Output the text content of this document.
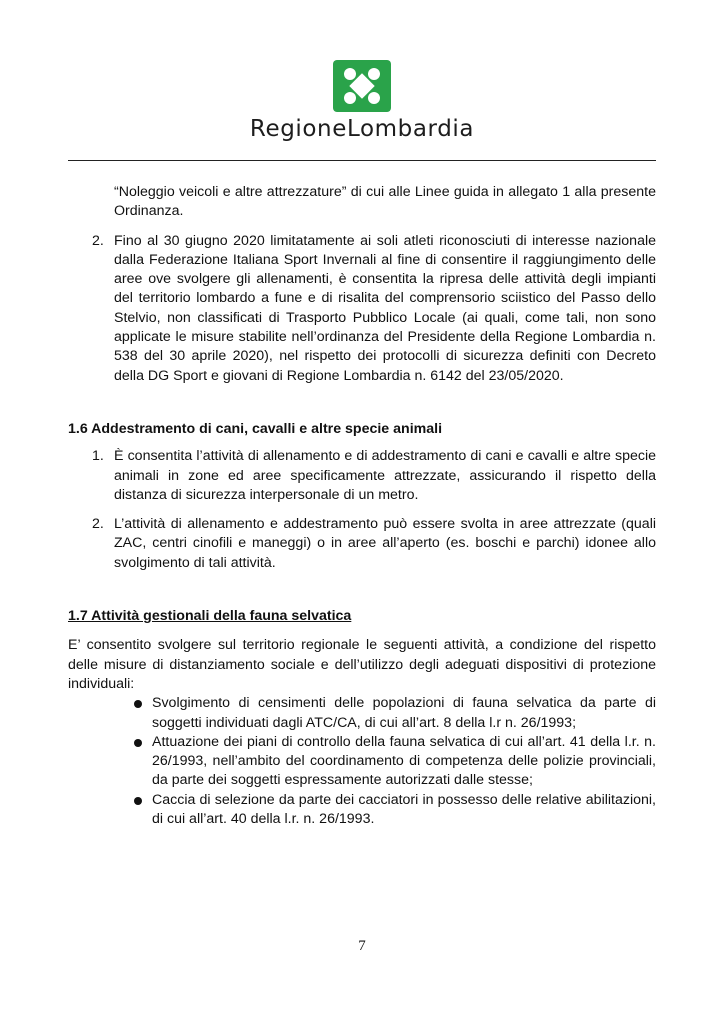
RegioneLombardia

“Noleggio veicoli e altre attrezzature” di cui alle Linee guida in allegato 1 alla presente Ordinanza.

2. Fino al 30 giugno 2020 limitatamente ai soli atleti riconosciuti di interesse nazionale dalla Federazione Italiana Sport Invernali al fine di consentire il raggiungimento delle aree ove svolgere gli allenamenti, è consentita la ripresa delle attività degli impianti del territorio lombardo a fune e di risalita del comprensorio sciistico del Passo dello Stelvio, non classificati di Trasporto Pubblico Locale (ai quali, come tali, non sono applicate le misure stabilite nell’ordinanza del Presidente della Regione Lombardia n. 538 del 30 aprile 2020), nel rispetto dei protocolli di sicurezza definiti con Decreto della DG Sport e giovani di Regione Lombardia n. 6142 del 23/05/2020.
1.6 Addestramento di cani, cavalli e altre specie animali
1. È consentita l’attività di allenamento e di addestramento di cani e cavalli e altre specie animali in zone ed aree specificamente attrezzate, assicurando il rispetto della distanza di sicurezza interpersonale di un metro.
2. L’attività di allenamento e addestramento può essere svolta in aree attrezzate (quali ZAC, centri cinofili e maneggi) o in aree all’aperto (es. boschi e parchi) idonee allo svolgimento di tali attività.
1.7 Attività gestionali della fauna selvatica

E’ consentito svolgere sul territorio regionale le seguenti attività, a condizione del rispetto delle misure di distanziamento sociale e dell’utilizzo degli adeguati dispositivi di protezione individuali:

Svolgimento di censimenti delle popolazioni di fauna selvatica da parte di soggetti individuati dagli ATC/CA, di cui all’art. 8 della l.r n. 26/1993;
Attuazione dei piani di controllo della fauna selvatica di cui all’art. 41 della l.r. n. 26/1993, nell’ambito del coordinamento di competenza delle polizie provinciali, da parte dei soggetti espressamente autorizzati dalle stesse;
Caccia di selezione da parte dei cacciatori in possesso delle relative abilitazioni, di cui all’art. 40 della l.r. n. 26/1993.
7
